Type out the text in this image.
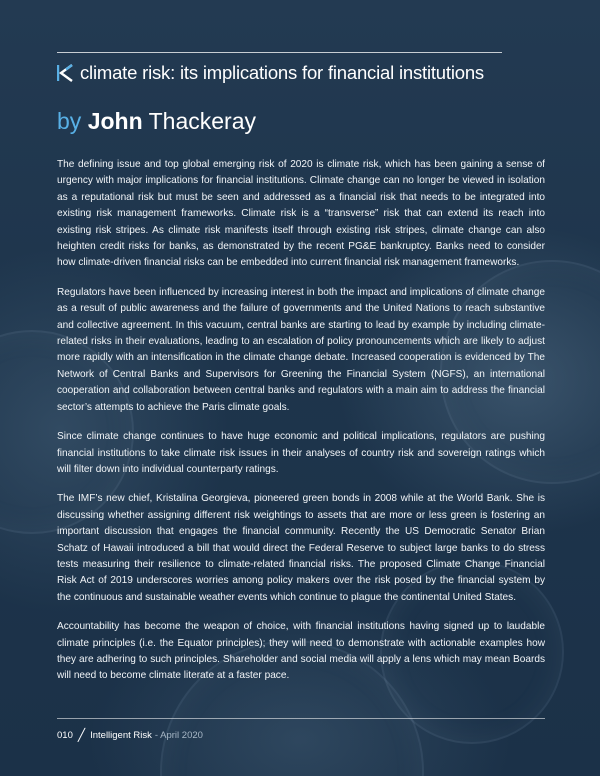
climate risk: its implications for financial institutions
by John Thackeray

The defining issue and top global emerging risk of 2020 is climate risk, which has been gaining a sense of urgency with major implications for financial institutions. Climate change can no longer be viewed in isolation as a reputational risk but must be seen and addressed as a financial risk that needs to be integrated into existing risk management frameworks. Climate risk is a “transverse” risk that can extend its reach into existing risk stripes. As climate risk manifests itself through existing risk stripes, climate change can also heighten credit risks for banks, as demonstrated by the recent PG&E bankruptcy. Banks need to consider how climate-driven financial risks can be embedded into current financial risk management frameworks.

Regulators have been influenced by increasing interest in both the impact and implications of climate change as a result of public awareness and the failure of governments and the United Nations to reach substantive and collective agreement. In this vacuum, central banks are starting to lead by example by including climate-related risks in their evaluations, leading to an escalation of policy pronouncements which are likely to adjust more rapidly with an intensification in the climate change debate. Increased cooperation is evidenced by The Network of Central Banks and Supervisors for Greening the Financial System (NGFS), an international cooperation and collaboration between central banks and regulators with a main aim to address the financial sector’s attempts to achieve the Paris climate goals.

Since climate change continues to have huge economic and political implications, regulators are pushing financial institutions to take climate risk issues in their analyses of country risk and sovereign ratings which will filter down into individual counterparty ratings.

The IMF’s new chief, Kristalina Georgieva, pioneered green bonds in 2008 while at the World Bank. She is discussing whether assigning different risk weightings to assets that are more or less green is fostering an important discussion that engages the financial community. Recently the US Democratic Senator Brian Schatz of Hawaii introduced a bill that would direct the Federal Reserve to subject large banks to do stress tests measuring their resilience to climate-related financial risks. The proposed Climate Change Financial Risk Act of 2019 underscores worries among policy makers over the risk posed by the financial system by the continuous and sustainable weather events which continue to plague the continental United States.

Accountability has become the weapon of choice, with financial institutions having signed up to laudable climate principles (i.e. the Equator principles); they will need to demonstrate with actionable examples how they are adhering to such principles. Shareholder and social media will apply a lens which may mean Boards will need to become climate literate at a faster pace.

010 ╱ Intelligent Risk - April 2020
